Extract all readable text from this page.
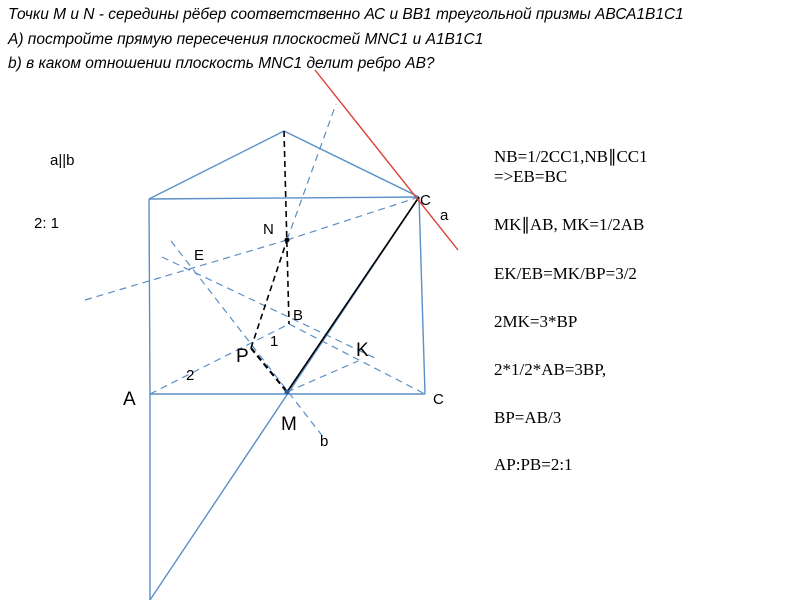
Точки M и N - середины рёбер соответственно АС и ВВ1 треугольной призмы АВСА1В1С1

А) постройте прямую пересечения плоскостей MNC1 и A1B1C1

b) в каком отношении плоскость MNC1 делит ребро АВ?

a||b
2: 1
C
a
N
E
B
P
1	K
2
A	C
M
b

NB=1/2CC1,NB∥CC1

=>EB=BC

MK∥AB, MK=1/2AB

EK/EB=MK/BP=3/2

2MK=3*BP

2*1/2*AB=3BP,

BP=AB/3

AP:PB=2:1
